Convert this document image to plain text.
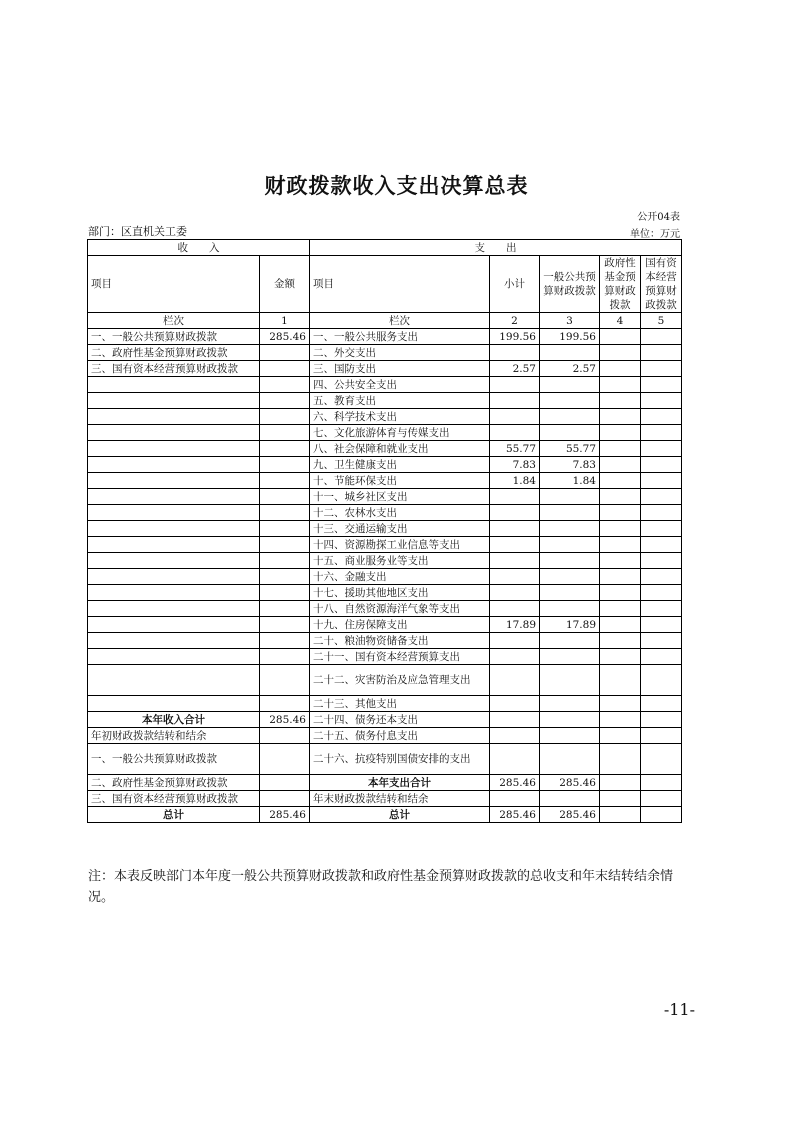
财政拨款收入支出决算总表
公开04表
部门：区直机关工委	单位：万元
收　　入		支　　出				
项目	金额	项目	小计	一般公共预算财政拨款	政府性基金预算财政拨款	国有资本经营预算财政拨款
栏次	1	栏次	2	3	4	5
一、一般公共预算财政拨款	285.46	一、一般公共服务支出	199.56	199.56		
二、政府性基金预算财政拨款		二、外交支出				
三、国有资本经营预算财政拨款		三、国防支出	2.57	2.57		
		四、公共安全支出				
		五、教育支出				
		六、科学技术支出				
		七、文化旅游体育与传媒支出				
		八、社会保障和就业支出	55.77	55.77		
		九、卫生健康支出	7.83	7.83		
		十、节能环保支出	1.84	1.84		
		十一、城乡社区支出				
		十二、农林水支出				
		十三、交通运输支出				
		十四、资源勘探工业信息等支出				
		十五、商业服务业等支出				
		十六、金融支出				
		十七、援助其他地区支出				
		十八、自然资源海洋气象等支出				
		十九、住房保障支出	17.89	17.89		
		二十、粮油物资储备支出				
		二十一、国有资本经营预算支出				
		二十二、灾害防治及应急管理支出				
		二十三、其他支出				
本年收入合计	285.46	二十四、债务还本支出				
年初财政拨款结转和结余		二十五、债务付息支出				
一、一般公共预算财政拨款		二十六、抗疫特别国债安排的支出				
二、政府性基金预算财政拨款		本年支出合计	285.46	285.46		
三、国有资本经营预算财政拨款		年末财政拨款结转和结余				
总计	285.46	总计	285.46	285.46		
注：本表反映部门本年度一般公共预算财政拨款和政府性基金预算财政拨款的总收支和年末结转结余情况。
-11-
